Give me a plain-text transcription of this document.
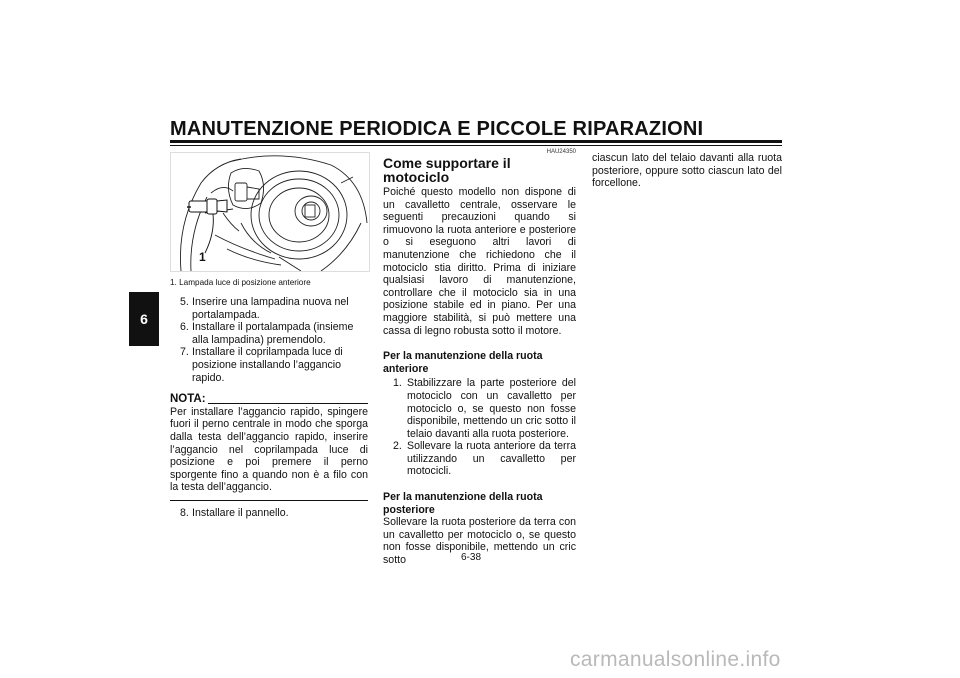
MANUTENZIONE PERIODICA E PICCOLE RIPARAZIONI
6
1
1. Lampada luce di posizione anteriore
5. Inserire una lampadina nuova nel portalampada.
6. Installare il portalampada (insieme alla lampadina) premendolo.
7. Installare il coprilampada luce di posizione installando l’aggancio rapido.
NOTA:

Per installare l’aggancio rapido, spingere fuori il perno centrale in modo che sporga dalla testa dell’aggancio rapido, inserire l’aggancio nel coprilampada luce di posizione e poi premere il perno sporgente fino a quando non è a filo con la testa dell’aggancio.

8. Installare il pannello.
HAU24350
Come supportare il motociclo

Poiché questo modello non dispone di un cavalletto centrale, osservare le seguenti precauzioni quando si rimuovono la ruota anteriore e posteriore o si eseguono altri lavori di manutenzione che richiedono che il motociclo stia diritto. Prima di iniziare qualsiasi lavoro di manutenzione, controllare che il motociclo sia in una posizione stabile ed in piano. Per una maggiore stabilità, si può mettere una cassa di legno robusta sotto il motore.

Per la manutenzione della ruota anteriore
1. Stabilizzare la parte posteriore del motociclo con un cavalletto per motociclo o, se questo non fosse disponibile, mettendo un cric sotto il telaio davanti alla ruota posteriore.
2. Sollevare la ruota anteriore da terra utilizzando un cavalletto per motocicli.
Per la manutenzione della ruota posteriore

Sollevare la ruota posteriore da terra con un cavalletto per motociclo o, se questo non fosse disponibile, mettendo un cric sotto

ciascun lato del telaio davanti alla ruota posteriore, oppure sotto ciascun lato del forcellone.

6-38
carmanualsonline.info
